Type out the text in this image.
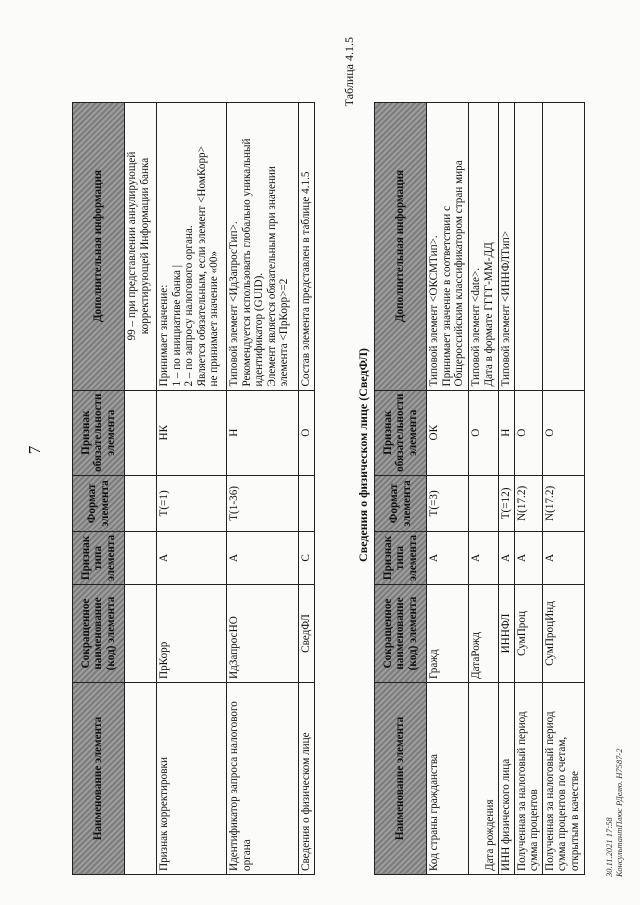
7
Наименование элемента	Сокращенное наименование (код) элемента	Признак типа элемента	Формат элемента	Признак обязательности элемента	Дополнительная информация

					99 – при представлении аннулирующей корректирующей Информации банка

Признак корректировки	ПрКорр	А	Т(=1)	НК	Принимает значение: 1 – по инициативе банка | 2 – по запросу налогового органа. Является обязательным, если элемент <НомКорр> не принимает значение «00»

Идентификатор запроса налогового органа	ИдЗапросНО	А	Т(1-36)	Н	Типовой элемент <ИдЗапросТип>. Рекомендуется использовать глобально уникальный идентификатор (GUID). Элемент является обязательным при значении элемента <ПрКорр>=2

Сведения о физическом лице	СведФЛ	С		О	Состав элемента представлен в таблице 4.1.5
Таблица 4.1.5
Сведения о физическом лице (СведФЛ)
Наименование элемента	Сокращенное наименование (код) элемента	Признак типа элемента	Формат элемента	Признак обязательности элемента	Дополнительная информация
Код страны гражданства	Гражд	А	Т(=3)	ОК	Типовой элемент <ОКСМТип>. Принимает значение в соответствии с Общероссийским классификатором стран мира

Дата рождения	ДатаРожд	А		О	Типовой элемент <date>. Дата в формате ГГГГ-ММ-ДД

ИНН физического лица	ИННФЛ	А	Т(=12)	Н	Типовой элемент <ИННФЛТип>

Полученная за налоговый период сумма процентов	СумПроц	А	N(17.2)	О	

Полученная за налоговый период сумма процентов по счетам, открытым в качестве	СумПроцИнд	А	N(17.2)	О	
30.11.2021 17:58 КонсультантПлюс РДелю. Н7587-2
